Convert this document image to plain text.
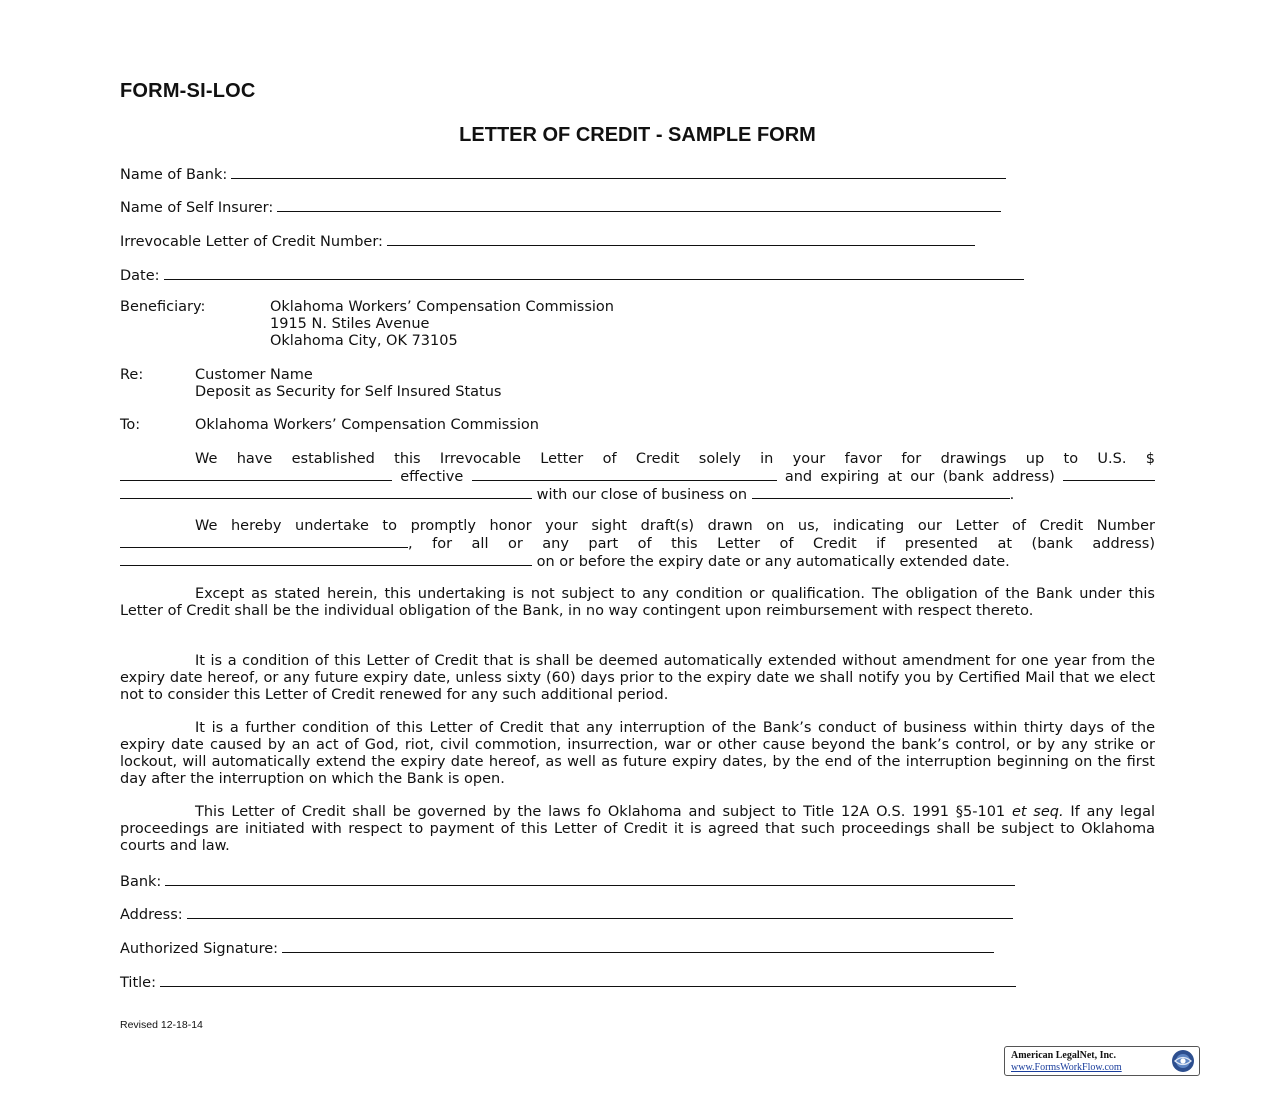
FORM-SI-LOC
LETTER OF CREDIT - SAMPLE FORM
Name of Bank:
Name of Self Insurer:
Irrevocable Letter of Credit Number:
Date:
Beneficiary:	Oklahoma Workers’ Compensation Commission
1915 N. Stiles Avenue
Oklahoma City, OK 73105
Re:	Customer Name
Deposit as Security for Self Insured Status
To:	Oklahoma Workers’ Compensation Commission
We have established this Irrevocable Letter of Credit solely in your favor for drawings up to U.S. $ effective	and expiring at our (bank address)   with our close of business on	.
We hereby undertake to promptly honor your sight draft(s) drawn on us, indicating our Letter of Credit Number , for all or any part of this Letter of Credit if presented at (bank address)  on or before the expiry date or any automatically extended date.
Except as stated herein, this undertaking is not subject to any condition or qualification. The obligation of the Bank under this Letter of Credit shall be the individual obligation of the Bank, in no way contingent upon reimbursement with respect thereto.
It is a condition of this Letter of Credit that is shall be deemed automatically extended without amendment for one year from the expiry date hereof, or any future expiry date, unless sixty (60) days prior to the expiry date we shall notify you by Certified Mail that we elect not to consider this Letter of Credit renewed for any such additional period.
It is a further condition of this Letter of Credit that any interruption of the Bank’s conduct of business within thirty days of the expiry date caused by an act of God, riot, civil commotion, insurrection, war or other cause beyond the bank’s control, or by any strike or lockout, will automatically extend the expiry date hereof, as well as future expiry dates, by the end of the interruption beginning on the first day after the interruption on which the Bank is open.
This Letter of Credit shall be governed by the laws fo Oklahoma and subject to Title 12A O.S. 1991 §5-101 et seq. If any legal proceedings are initiated with respect to payment of this Letter of Credit it is agreed that such proceedings shall be subject to Oklahoma courts and law.
Bank:
Address:
Authorized Signature:
Title:
Revised 12-18-14
American LegalNet, Inc.
www.FormsWorkFlow.com
